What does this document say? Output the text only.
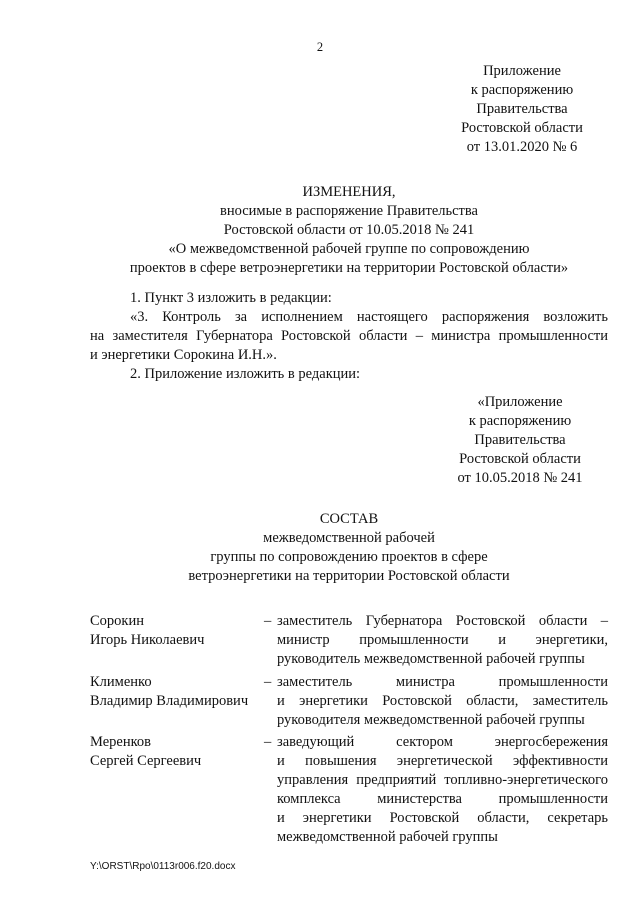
2
Приложение
к распоряжению
Правительства
Ростовской области
от 13.01.2020 № 6
ИЗМЕНЕНИЯ,
вносимые в распоряжение Правительства
Ростовской области от 10.05.2018 № 241
«О межведомственной рабочей группе по сопровождению
проектов в сфере ветроэнергетики на территории Ростовской области»
1. Пункт 3 изложить в редакции:
«3. Контроль за исполнением настоящего распоряжения возложить
на заместителя Губернатора Ростовской области – министра промышленности
и энергетики Сорокина И.Н.».
2. Приложение изложить в редакции:
«Приложение
к распоряжению
Правительства
Ростовской области
от 10.05.2018 № 241
СОСТАВ
межведомственной рабочей
группы по сопровождению проектов в сфере
ветроэнергетики на территории Ростовской области
Сорокин
Игорь Николаевич
– заместитель Губернатора Ростовской области –
министр промышленности и энергетики,
руководитель межведомственной рабочей группы
Клименко
Владимир Владимирович
– заместитель министра промышленности
и энергетики Ростовской области, заместитель
руководителя межведомственной рабочей группы
Меренков
Сергей Сергеевич
– заведующий сектором энергосбережения
и повышения энергетической эффективности
управления предприятий топливно-энергетического
комплекса министерства промышленности
и энергетики Ростовской области, секретарь
межведомственной рабочей группы
Y:\ORST\Rpo\0113r006.f20.docx
